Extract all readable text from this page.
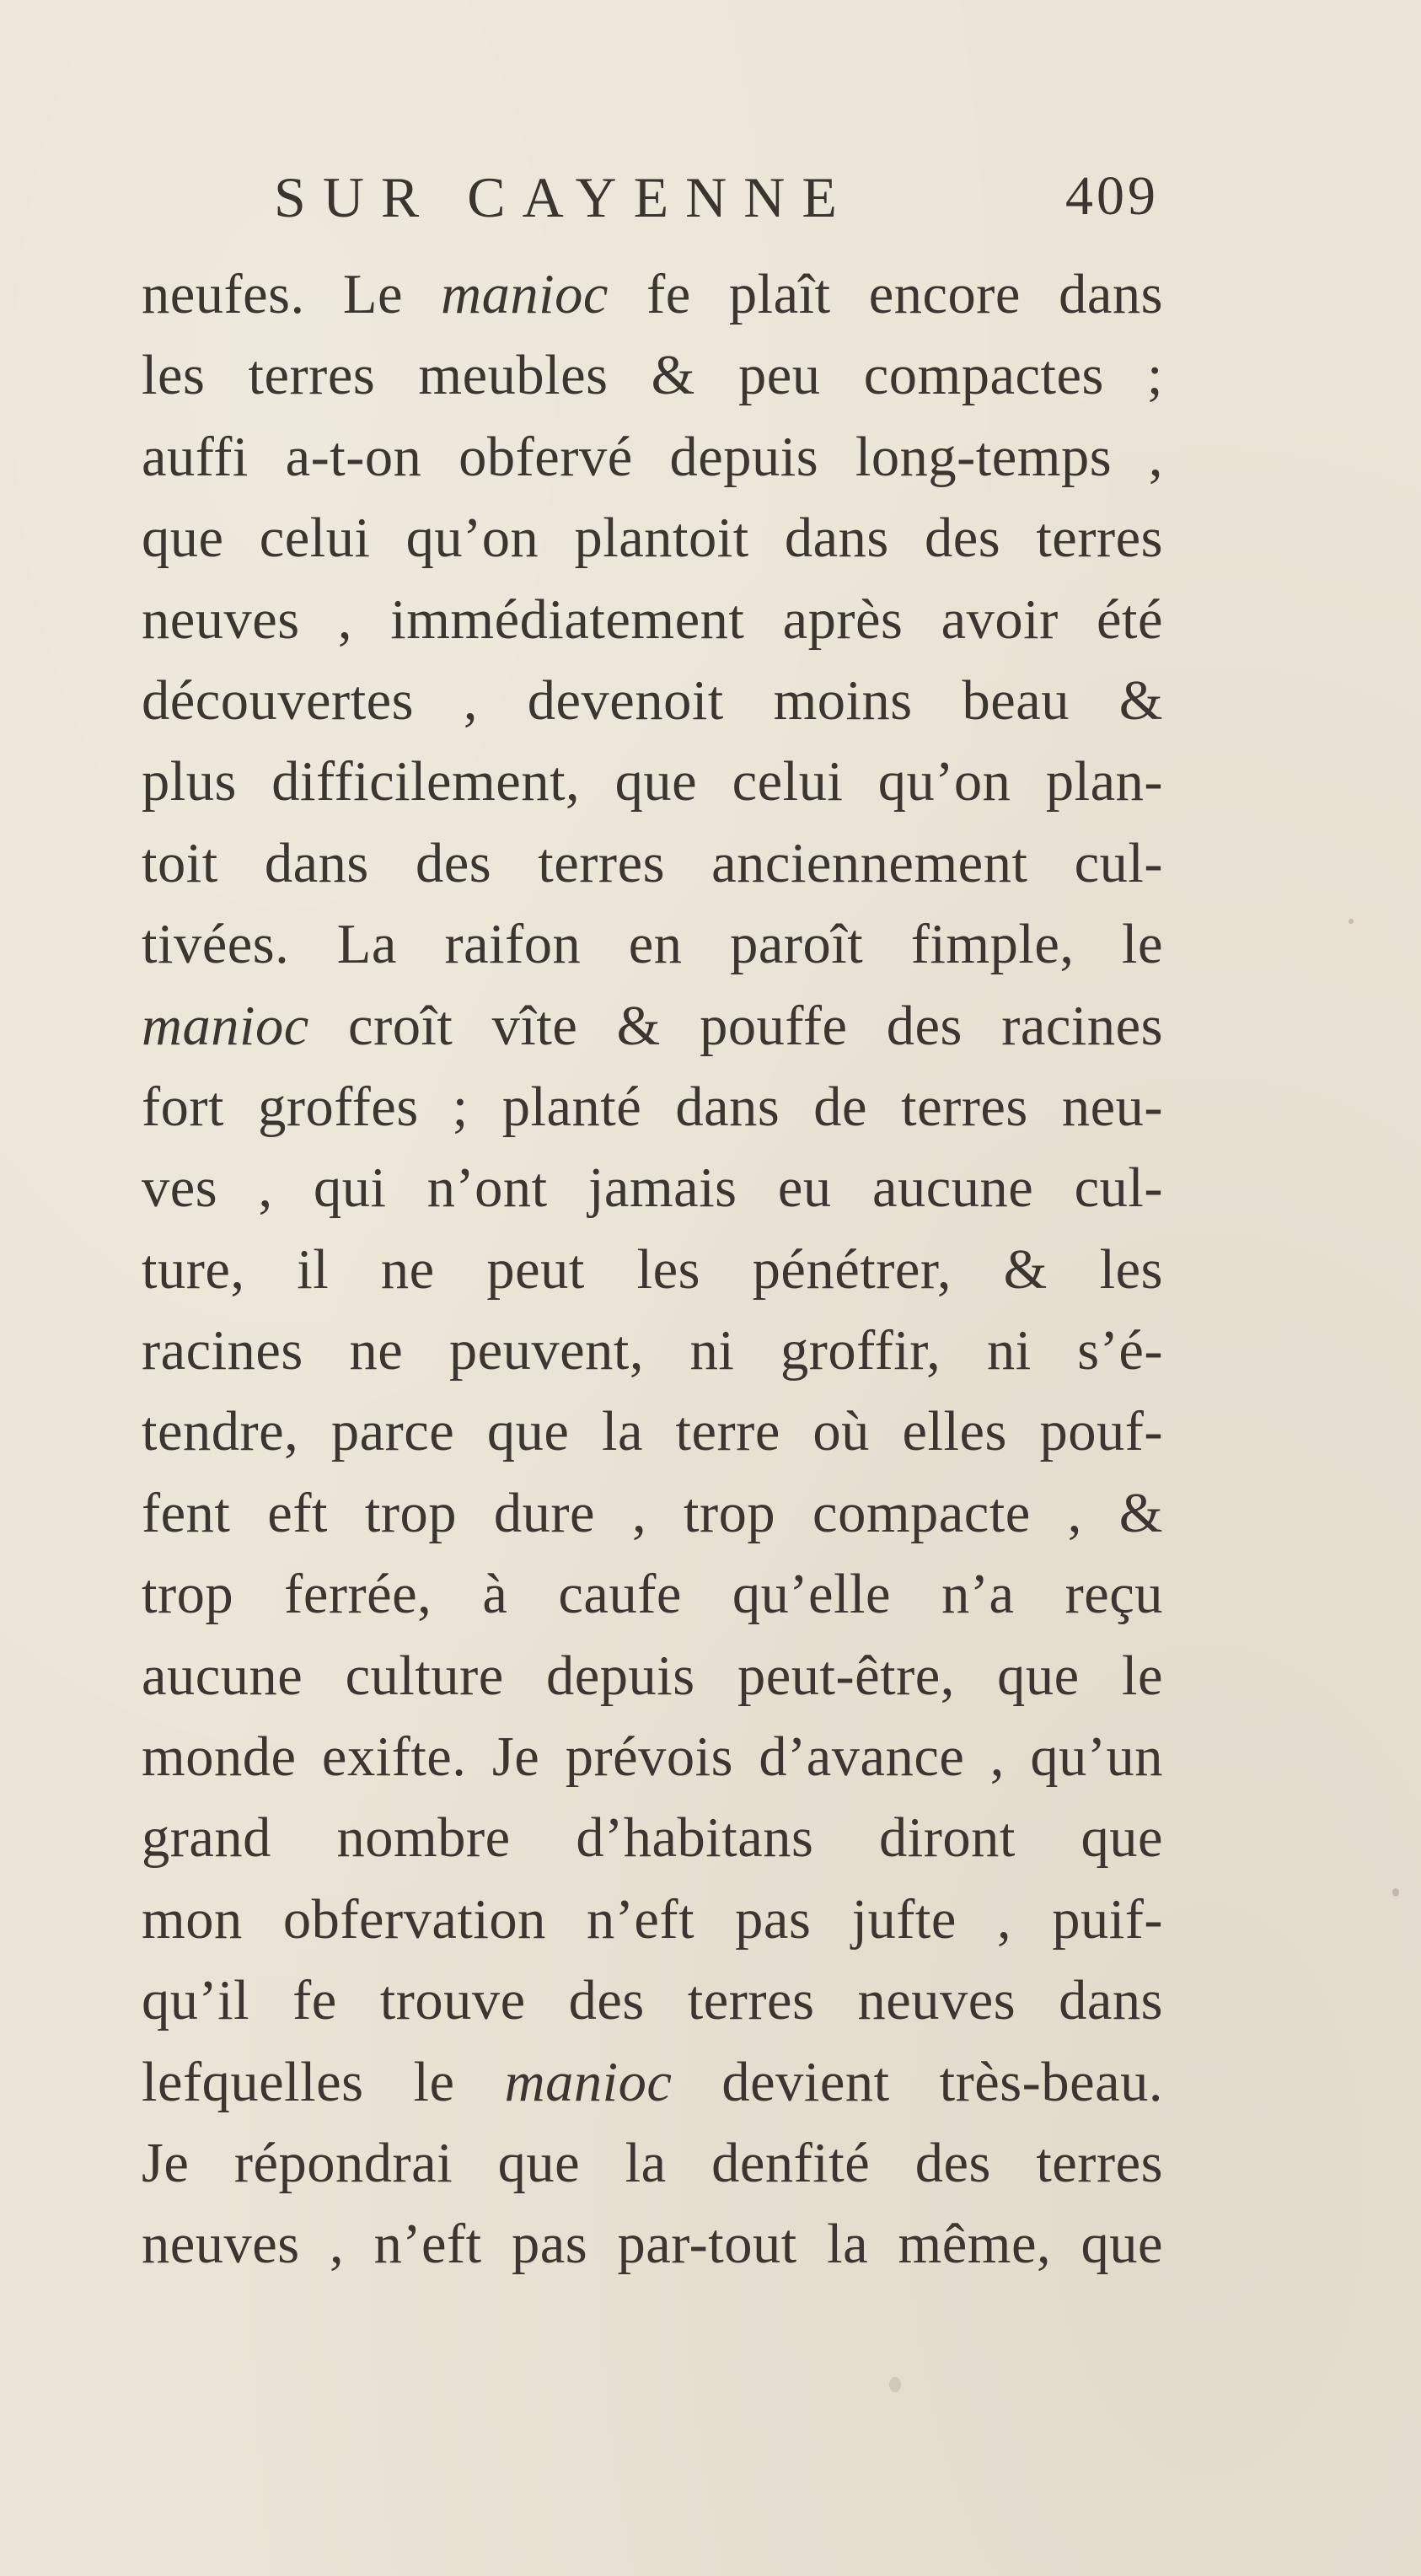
SUR CAYENNE	409
neufes. Le manioc fe plaît encore dans
les terres meubles & peu compactes ;
auffi a-t-on obfervé depuis long-temps ,
que celui qu’on plantoit dans des terres
neuves , immédiatement après avoir été
découvertes , devenoit moins beau &
plus difficilement, que celui qu’on plan-
toit dans des terres anciennement cul-
tivées. La raifon en paroît fimple, le
manioc croît vîte & pouffe des racines
fort groffes ; planté dans de terres neu-
ves , qui n’ont jamais eu aucune cul-
ture, il ne peut les pénétrer, & les
racines ne peuvent, ni groffir, ni s’é-
tendre, parce que la terre où elles pouf-
fent eft trop dure , trop compacte , &
trop ferrée, à caufe qu’elle n’a reçu
aucune culture depuis peut-être, que le
monde exifte. Je prévois d’avance , qu’un
grand nombre d’habitans diront que
mon obfervation n’eft pas jufte , puif-
qu’il fe trouve des terres neuves dans
lefquelles le manioc devient très-beau.
Je répondrai que la denfité des terres
neuves , n’eft pas par-tout la même, que
